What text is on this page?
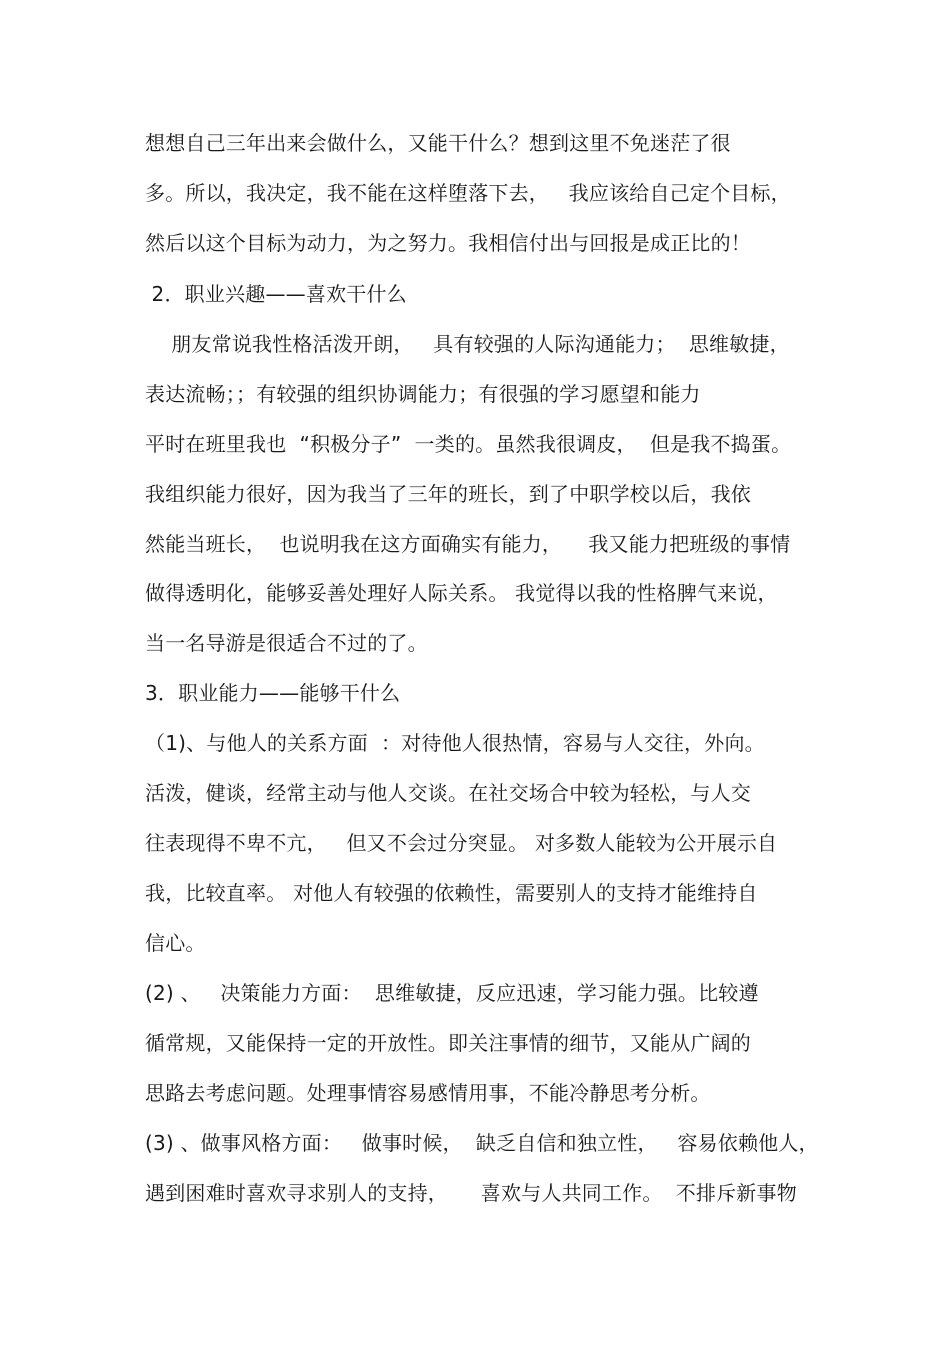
想想自己三年出来会做什么，又能干什么？想到这里不免迷茫了很

多。所以，我决定，我不能在这样堕落下去，   我应该给自己定个目标，

然后以这个目标为动力，为之努力。我相信付出与回报是成正比的！

2．职业兴趣——喜欢干什么

朋友常说我性格活泼开朗，   具有较强的人际沟通能力；  思维敏捷，

表达流畅；；有较强的组织协调能力；有很强的学习愿望和能力

平时在班里我也  “积极分子”  一类的。虽然我很调皮，  但是我不捣蛋。

我组织能力很好，因为我当了三年的班长，到了中职学校以后，我依

然能当班长，  也说明我在这方面确实有能力，    我又能力把班级的事情

做得透明化，能够妥善处理好人际关系。 我觉得以我的性格脾气来说，

当一名导游是很适合不过的了。

3．职业能力——能够干什么

（1)、与他人的关系方面  ：对待他人很热情，容易与人交往，外向。

活泼，健谈，经常主动与他人交谈。在社交场合中较为轻松，与人交

往表现得不卑不亢，   但又不会过分突显。 对多数人能较为公开展示自

我，比较直率。 对他人有较强的依赖性，需要别人的支持才能维持自

信心。

(2) 、   决策能力方面：  思维敏捷，反应迅速，学习能力强。比较遵

循常规，又能保持一定的开放性。即关注事情的细节，又能从广阔的

思路去考虑问题。处理事情容易感情用事，不能冷静思考分析。

(3) 、做事风格方面：   做事时候，  缺乏自信和独立性，   容易依赖他人，

遇到困难时喜欢寻求别人的支持，     喜欢与人共同工作。  不排斥新事物
